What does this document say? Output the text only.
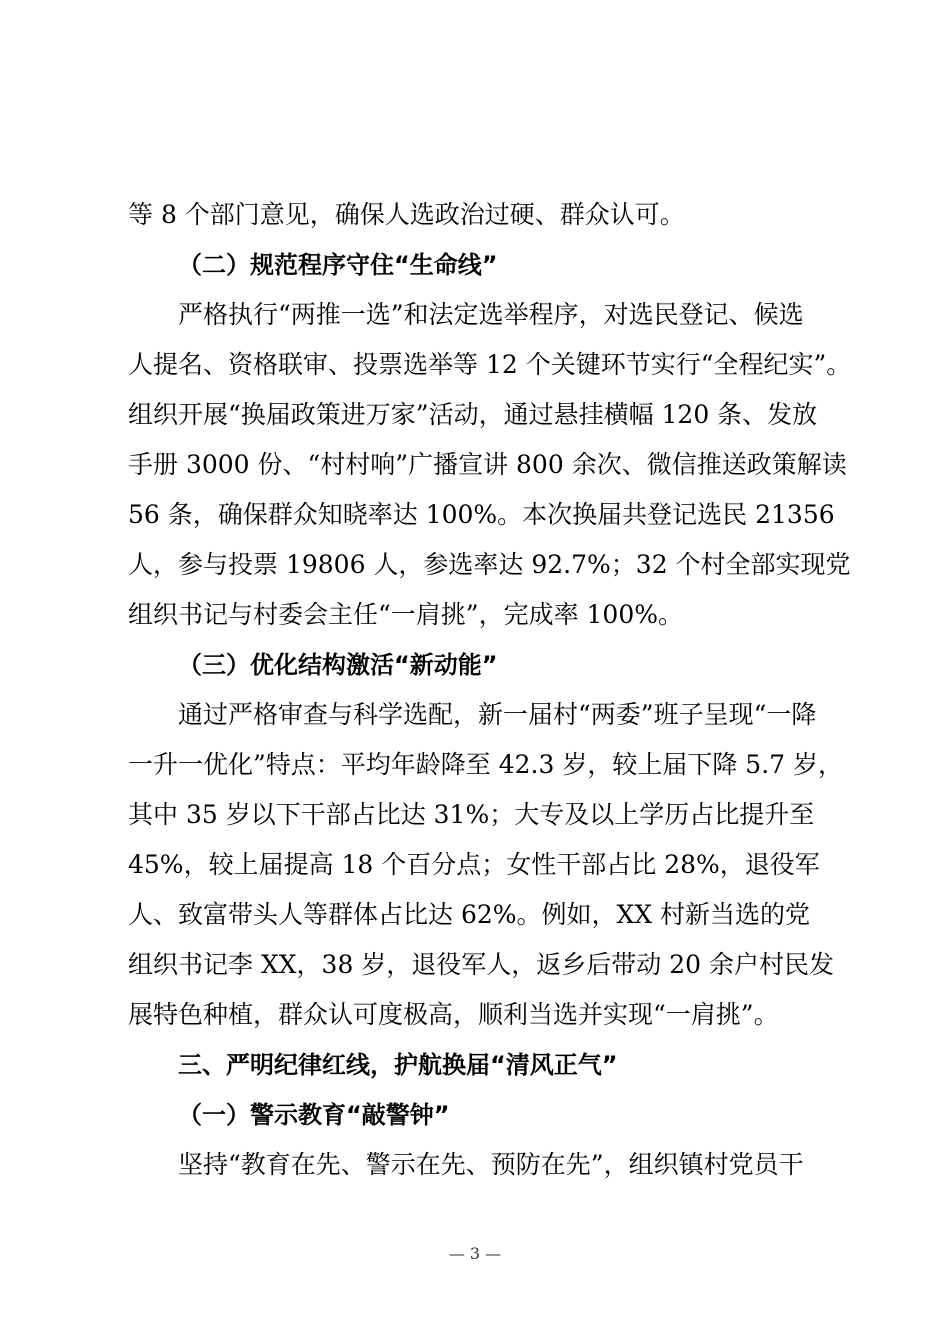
等 8 个部门意见，确保人选政治过硬、群众认可。
（二）规范程序守住“生命线”
严格执行“两推一选”和法定选举程序，对选民登记、候选
人提名、资格联审、投票选举等 12 个关键环节实行“全程纪实”。
组织开展“换届政策进万家”活动，通过悬挂横幅 120 条、发放
手册 3000 份、“村村响”广播宣讲 800 余次、微信推送政策解读
56 条，确保群众知晓率达 100%。本次换届共登记选民 21356
人，参与投票 19806 人，参选率达 92.7%；32 个村全部实现党
组织书记与村委会主任“一肩挑”，完成率 100%。
（三）优化结构激活“新动能”
通过严格审查与科学选配，新一届村“两委”班子呈现“一降
一升一优化”特点：平均年龄降至 42.3 岁，较上届下降 5.7 岁，
其中 35 岁以下干部占比达 31%；大专及以上学历占比提升至
45%，较上届提高 18 个百分点；女性干部占比 28%，退役军
人、致富带头人等群体占比达 62%。例如，XX 村新当选的党
组织书记李 XX，38 岁，退役军人，返乡后带动 20 余户村民发
展特色种植，群众认可度极高，顺利当选并实现“一肩挑”。
三、严明纪律红线，护航换届“清风正气”
（一）警示教育“敲警钟”
坚持“教育在先、警示在先、预防在先”，组织镇村党员干
— 3 —
